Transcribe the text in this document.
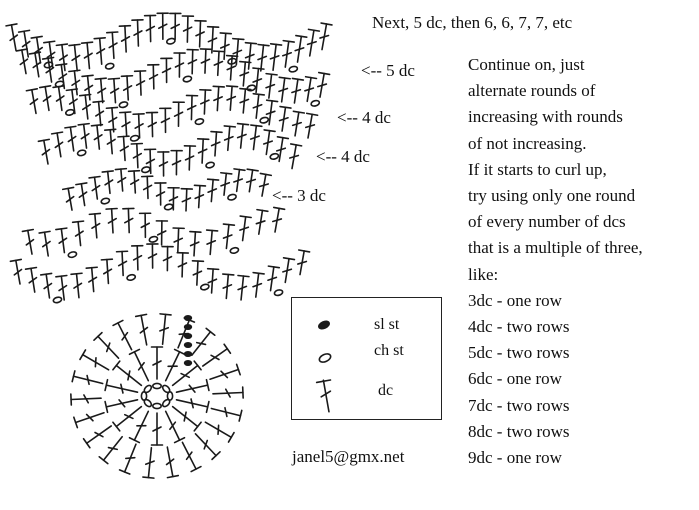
Next, 5 dc, then 6, 6, 7, 7, etc
<-- 5 dc
<-- 4 dc
<-- 4 dc
<-- 3 dc
Continue on, just
alternate rounds of
increasing with rounds
of not increasing.
If it starts to curl up,
try using only one round
of every number of dcs
that is a multiple of three,
like:
3dc - one row
4dc - two rows
5dc - two rows
6dc - one row
7dc - two rows
8dc - two rows
9dc - one row
sl st
ch st
dc
janel5@gmx.net
